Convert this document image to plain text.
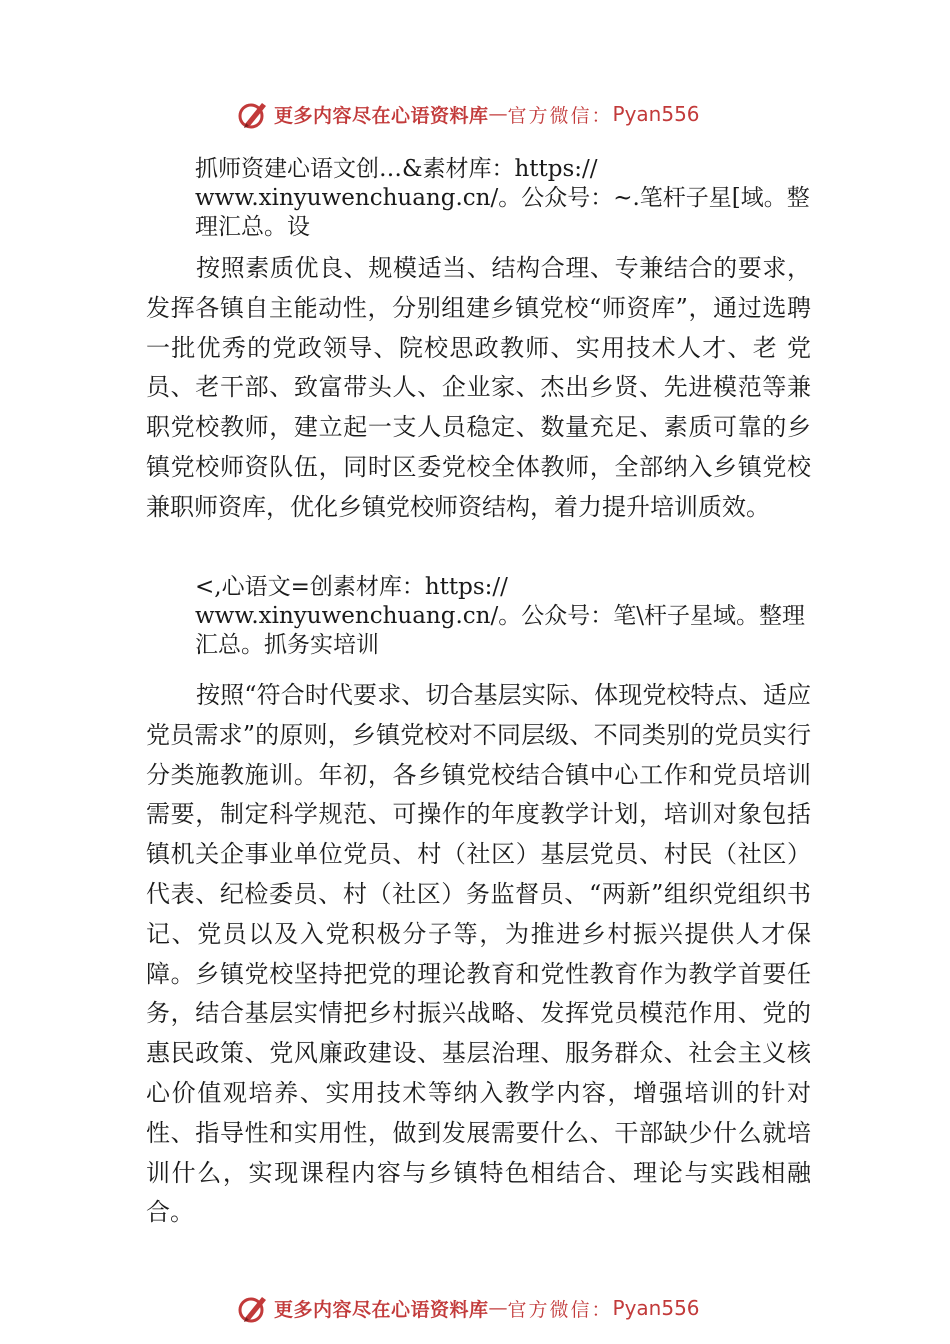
更多内容尽在心语资料库 — 官方微信： Pyan556
抓师资建心语文创…&素材库：https://
www.xinyuwenchuang.cn/。公众号：~.笔杆子星[域。整
理汇总。设

按照素质优良、规模适当、结构合理、专兼结合的要求，发挥各镇自主能动性，分别组建乡镇党校“师资库”，通过选聘一批优秀的党政领导、院校思政教师、实用技术人才、老 党员、老干部、致富带头人、企业家、杰出乡贤、先进模范等兼职党校教师，建立起一支人员稳定、数量充足、素质可靠的乡镇党校师资队伍，同时区委党校全体教师，全部纳入乡镇党校兼职师资库，优化乡镇党校师资结构，着力提升培训质效。

<,心语文=创素材库：https://
www.xinyuwenchuang.cn/。公众号：笔\杆子星域。整理
汇总。抓务实培训

按照“符合时代要求、切合基层实际、体现党校特点、适应党员需求”的原则，乡镇党校对不同层级、不同类别的党员实行分类施教施训。年初，各乡镇党校结合镇中心工作和党员培训需要，制定科学规范、可操作的年度教学计划，培训对象包括镇机关企事业单位党员、村（社区）基层党员、村民（社区）代表、纪检委员、村（社区）务监督员、“两新”组织党组织书记、党员以及入党积极分子等，为推进乡村振兴提供人才保障。乡镇党校坚持把党的理论教育和党性教育作为教学首要任务，结合基层实情把乡村振兴战略、发挥党员模范作用、党的惠民政策、党风廉政建设、基层治理、服务群众、社会主义核心价值观培养、实用技术等纳入教学内容，增强培训的针对性、指导性和实用性，做到发展需要什么、干部缺少什么就培训什么，实现课程内容与乡镇特色相结合、理论与实践相融合。

更多内容尽在心语资料库 — 官方微信： Pyan556
